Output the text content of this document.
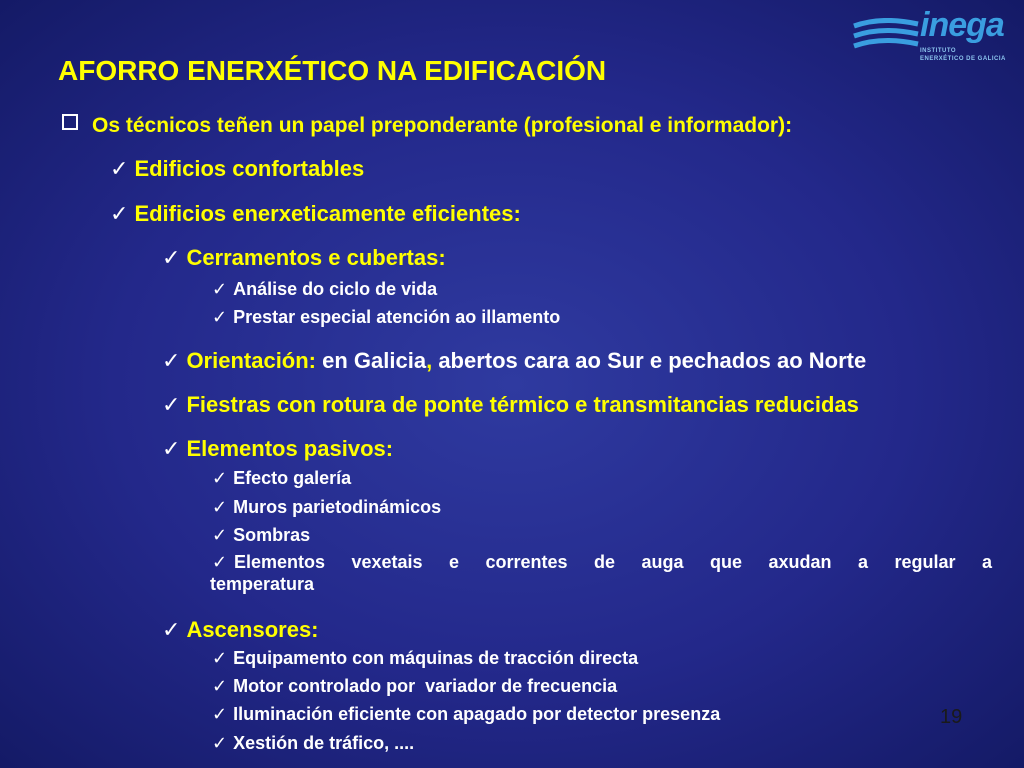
inega
INSTITUTO
ENERXÉTICO DE GALICIA
AFORRO ENERXÉTICO NA EDIFICACIÓN
Os técnicos teñen un papel preponderante (profesional e informador):
✓ Edificios confortables
✓ Edificios enerxeticamente eficientes:
✓ Cerramentos e cubertas:
✓ Análise do ciclo de vida
✓ Prestar especial atención ao illamento
✓ Orientación: en Galicia , abertos cara ao Sur e pechados ao Norte
✓ Fiestras con rotura de ponte térmico e transmitancias reducidas
✓ Elementos pasivos:
✓ Efecto galería
✓ Muros parietodinámicos
✓ Sombras
✓ Elementos vexetais e correntes de auga que axudan a regular a
temperatura
✓ Ascensores:
✓ Equipamento con máquinas de tracción directa
✓ Motor controlado por  variador de frecuencia
✓ Iluminación eficiente con apagado por detector presenza
✓ Xestión de tráfico, ....
19
